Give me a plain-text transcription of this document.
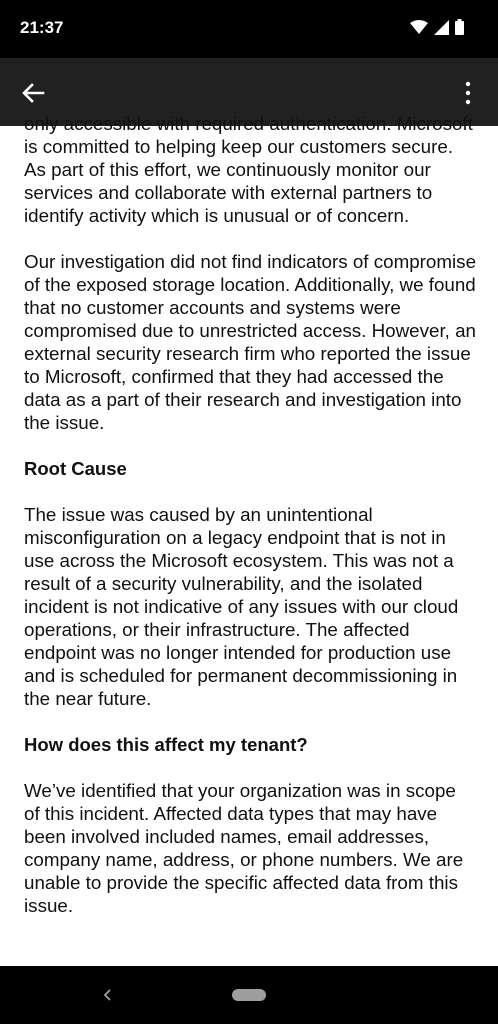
21:37

only accessible with required authentication. Microsoft is committed to helping keep our customers secure. As part of this effort, we continuously monitor our services and collaborate with external partners to identify activity which is unusual or of concern.

Our investigation did not find indicators of compromise of the exposed storage location. Additionally, we found that no customer accounts and systems were compromised due to unrestricted access. However, an external security research firm who reported the issue to Microsoft, confirmed that they had accessed the data as a part of their research and investigation into the issue.

Root Cause

The issue was caused by an unintentional misconfiguration on a legacy endpoint that is not in use across the Microsoft ecosystem. This was not a result of a security vulnerability, and the isolated incident is not indicative of any issues with our cloud operations, or their infrastructure. The affected endpoint was no longer intended for production use and is scheduled for permanent decommissioning in the near future.

How does this affect my tenant?

We’ve identified that your organization was in scope of this incident. Affected data types that may have been involved included names, email addresses, company name, address, or phone numbers. We are unable to provide the specific affected data from this issue.
